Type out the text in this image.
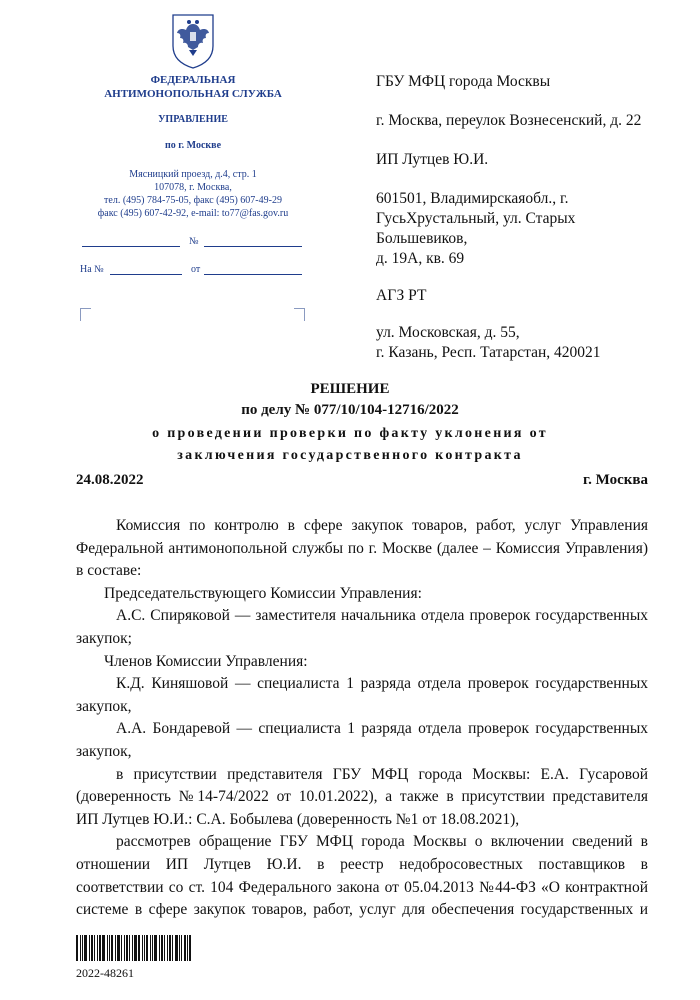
ФЕДЕРАЛЬНАЯ
АНТИМОНОПОЛЬНАЯ СЛУЖБА
УПРАВЛЕНИЕ
по г. Москве
Мясницкий проезд, д.4, стр. 1
107078, г. Москва,
тел. (495) 784-75-05, факс (495) 607-49-29
факс (495) 607-42-92, e-mail: to77@fas.gov.ru
№
На №	от
ГБУ МФЦ города Москвы
г. Москва, переулок Вознесенский, д. 22
ИП Лутцев Ю.И.
601501, Владимирскаяобл., г.
ГусьХрустальный, ул. Старых
Большевиков,
д. 19А, кв. 69
АГЗ РТ
ул. Московская, д. 55,
г. Казань, Респ. Татарстан, 420021
РЕШЕНИЕ
по делу № 077/10/104-12716/2022
о проведении проверки по факту уклонения от
заключения государственного контракта
24.08.2022	г. Москва

Комиссия по контролю в сфере закупок товаров, работ, услуг Управления

Федеральной антимонопольной службы по г. Москве (далее – Комиссия Управления)

в составе:

Председательствующего Комиссии Управления:

А.С. Спиряковой — заместителя начальника отдела проверок государственных

закупок;

Членов Комиссии Управления:

К.Д. Киняшовой — специалиста 1 разряда отдела проверок государственных

закупок,

А.А. Бондаревой — специалиста 1 разряда отдела проверок государственных

закупок,

в присутствии представителя ГБУ МФЦ города Москвы: Е.А. Гусаровой

(доверенность №14-74/2022 от 10.01.2022), а также в присутствии представителя

ИП Лутцев Ю.И.: С.А. Бобылева (доверенность №1 от 18.08.2021),

рассмотрев обращение ГБУ МФЦ города Москвы о включении сведений в

отношении ИП Лутцев Ю.И. в реестр недобросовестных поставщиков в

соответствии со ст. 104 Федерального закона от 05.04.2013 №44-ФЗ «О контрактной

системе в сфере закупок товаров, работ, услуг для обеспечения государственных и

2022-48261
